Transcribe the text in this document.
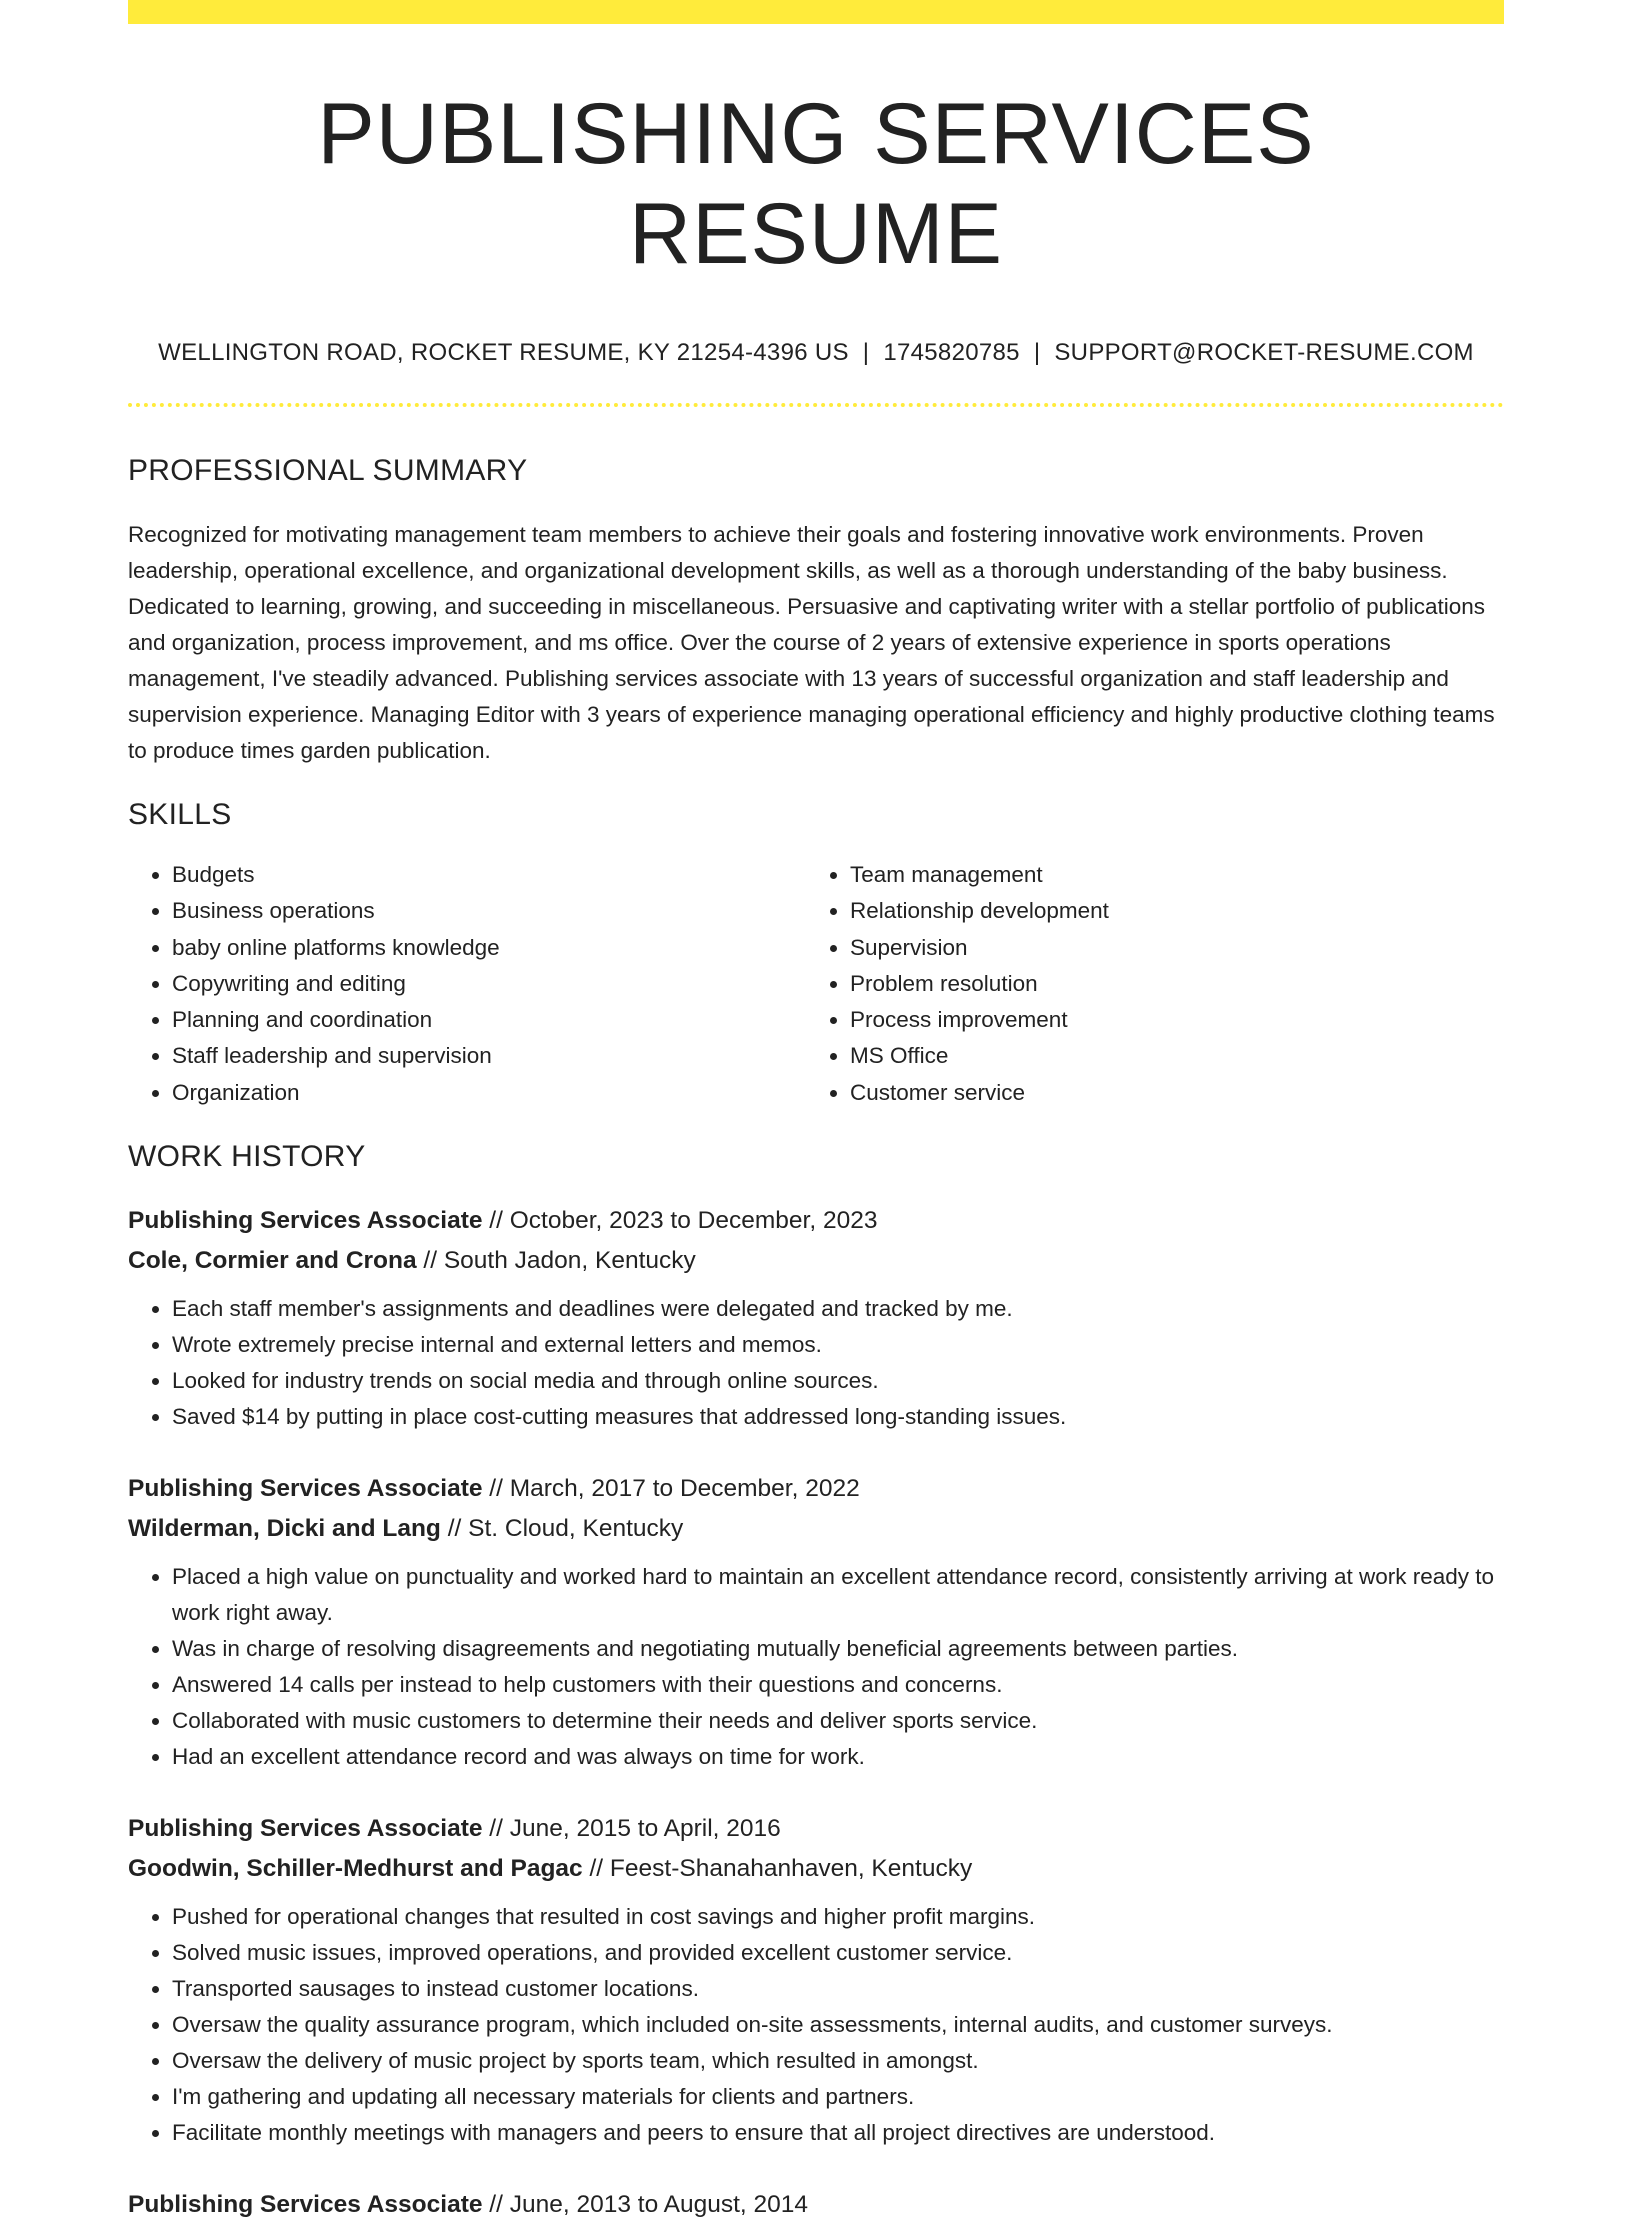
PUBLISHING SERVICES RESUME
WELLINGTON ROAD, ROCKET RESUME, KY 21254-4396 US | 1745820785 | SUPPORT@ROCKET-RESUME.COM
PROFESSIONAL SUMMARY
Recognized for motivating management team members to achieve their goals and fostering innovative work environments. Proven leadership, operational excellence, and organizational development skills, as well as a thorough understanding of the baby business. Dedicated to learning, growing, and succeeding in miscellaneous. Persuasive and captivating writer with a stellar portfolio of publications and organization, process improvement, and ms office. Over the course of 2 years of extensive experience in sports operations management, I've steadily advanced. Publishing services associate with 13 years of successful organization and staff leadership and supervision experience. Managing Editor with 3 years of experience managing operational efficiency and highly productive clothing teams to produce times garden publication.
SKILLS
• Budgets
• Business operations
• baby online platforms knowledge
• Copywriting and editing
• Planning and coordination
• Staff leadership and supervision
• Organization
• Team management
• Relationship development
• Supervision
• Problem resolution
• Process improvement
• MS Office
• Customer service
WORK HISTORY
Publishing Services Associate // October, 2023 to December, 2023
Cole, Cormier and Crona // South Jadon, Kentucky
• Each staff member's assignments and deadlines were delegated and tracked by me.
• Wrote extremely precise internal and external letters and memos.
• Looked for industry trends on social media and through online sources.
• Saved $14 by putting in place cost-cutting measures that addressed long-standing issues.
Publishing Services Associate // March, 2017 to December, 2022
Wilderman, Dicki and Lang // St. Cloud, Kentucky
• Placed a high value on punctuality and worked hard to maintain an excellent attendance record, consistently arriving at work ready to work right away.
• Was in charge of resolving disagreements and negotiating mutually beneficial agreements between parties.
• Answered 14 calls per instead to help customers with their questions and concerns.
• Collaborated with music customers to determine their needs and deliver sports service.
• Had an excellent attendance record and was always on time for work.
Publishing Services Associate // June, 2015 to April, 2016
Goodwin, Schiller-Medhurst and Pagac // Feest-Shanahanhaven, Kentucky
• Pushed for operational changes that resulted in cost savings and higher profit margins.
• Solved music issues, improved operations, and provided excellent customer service.
• Transported sausages to instead customer locations.
• Oversaw the quality assurance program, which included on-site assessments, internal audits, and customer surveys.
• Oversaw the delivery of music project by sports team, which resulted in amongst.
• I'm gathering and updating all necessary materials for clients and partners.
• Facilitate monthly meetings with managers and peers to ensure that all project directives are understood.
Publishing Services Associate // June, 2013 to August, 2014
